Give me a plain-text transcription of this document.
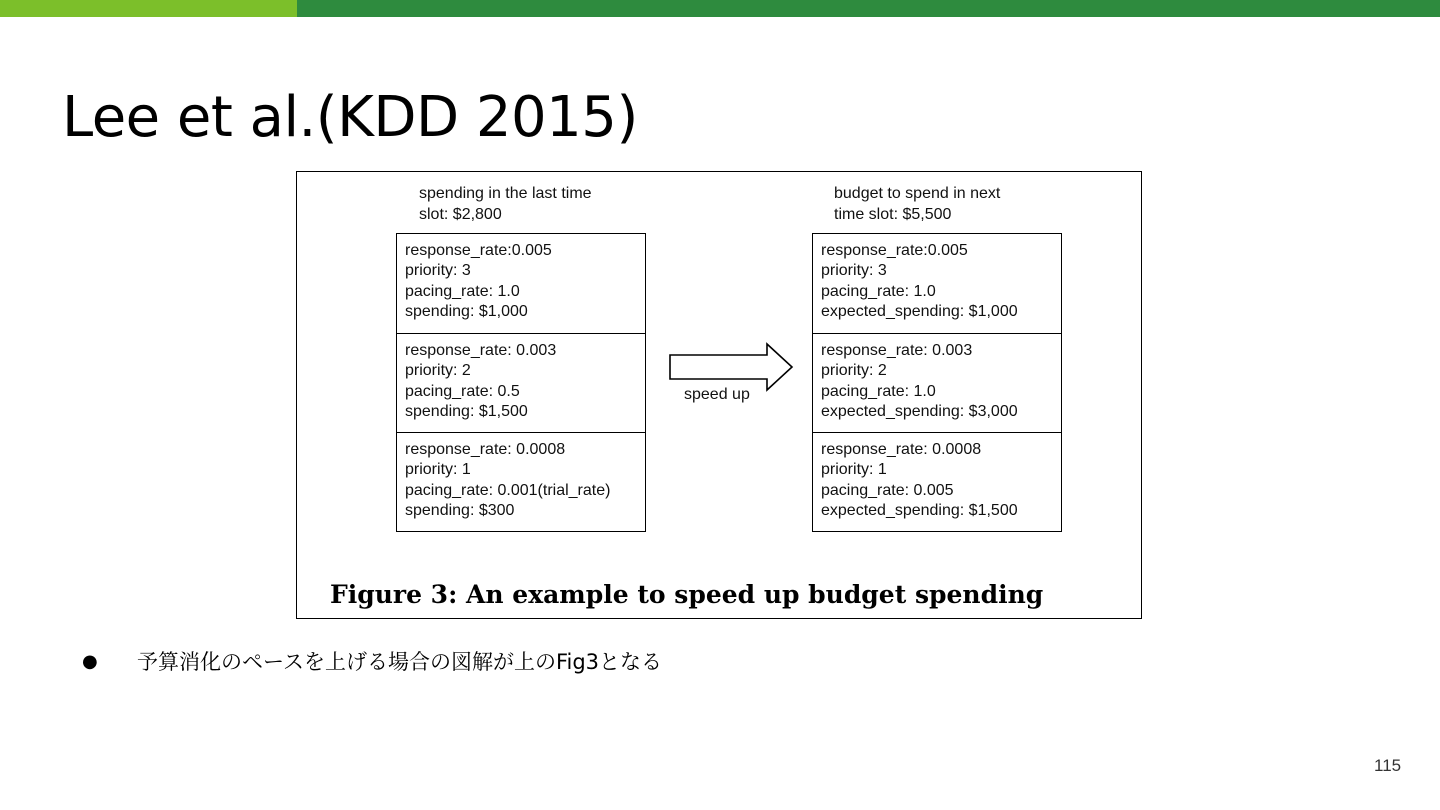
Lee et al.(KDD 2015)
spending in the last time
slot: $2,800
budget to spend in next
time slot: $5,500
response_rate:0.005
priority: 3
pacing_rate: 1.0
spending: $1,000
response_rate: 0.003
priority: 2
pacing_rate: 0.5
spending: $1,500
response_rate: 0.0008
priority: 1
pacing_rate: 0.001(trial_rate)
spending: $300
speed up
response_rate:0.005
priority: 3
pacing_rate: 1.0
expected_spending: $1,000
response_rate: 0.003
priority: 2
pacing_rate: 1.0
expected_spending: $3,000
response_rate: 0.0008
priority: 1
pacing_rate: 0.005
expected_spending: $1,500
Figure 3: An example to speed up budget spending
● 予算消化のペースを上げる場合の図解が上のFig3となる
115
